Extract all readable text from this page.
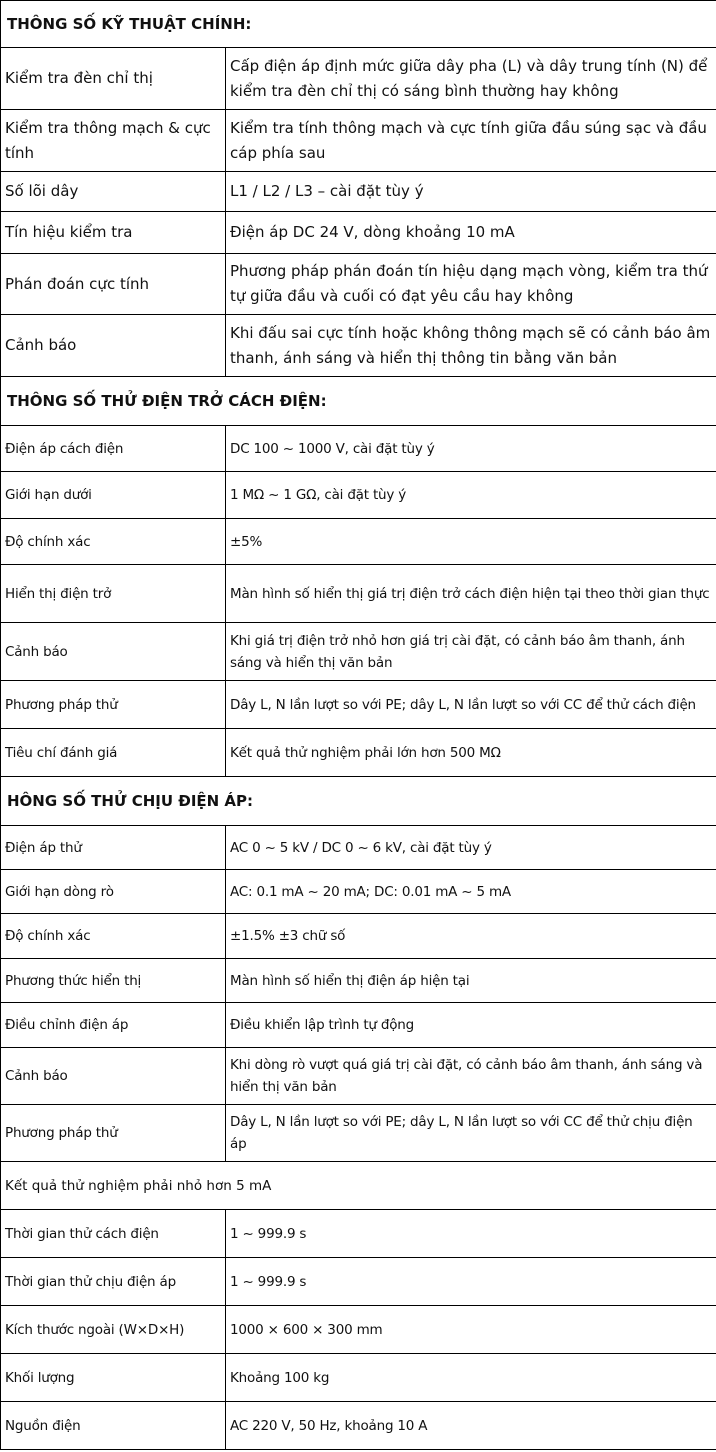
THÔNG SỐ KỸ THUẬT CHÍNH:	
Kiểm tra đèn chỉ thị	Cấp điện áp định mức giữa dây pha (L) và dây trung tính (N) để kiểm tra đèn chỉ thị có sáng bình thường hay không
Kiểm tra thông mạch & cực tính	Kiểm tra tính thông mạch và cực tính giữa đầu súng sạc và đầu cáp phía sau
Số lõi dây	L1 / L2 / L3 – cài đặt tùy ý
Tín hiệu kiểm tra	Điện áp DC 24 V, dòng khoảng 10 mA
Phán đoán cực tính	Phương pháp phán đoán tín hiệu dạng mạch vòng, kiểm tra thứ tự giữa đầu và cuối có đạt yêu cầu hay không
Cảnh báo	Khi đấu sai cực tính hoặc không thông mạch sẽ có cảnh báo âm thanh, ánh sáng và hiển thị thông tin bằng văn bản
THÔNG SỐ THỬ ĐIỆN TRỞ CÁCH ĐIỆN:	
Điện áp cách điện	DC 100 ~ 1000 V, cài đặt tùy ý
Giới hạn dưới	1 MΩ ~ 1 GΩ, cài đặt tùy ý
Độ chính xác	±5%
Hiển thị điện trở	Màn hình số hiển thị giá trị điện trở cách điện hiện tại theo thời gian thực
Cảnh báo	Khi giá trị điện trở nhỏ hơn giá trị cài đặt, có cảnh báo âm thanh, ánh sáng và hiển thị văn bản
Phương pháp thử	Dây L, N lần lượt so với PE; dây L, N lần lượt so với CC để thử cách điện
Tiêu chí đánh giá	Kết quả thử nghiệm phải lớn hơn 500 MΩ
HÔNG SỐ THỬ CHỊU ĐIỆN ÁP:	
Điện áp thử	AC 0 ~ 5 kV / DC 0 ~ 6 kV, cài đặt tùy ý
Giới hạn dòng rò	AC: 0.1 mA ~ 20 mA; DC: 0.01 mA ~ 5 mA
Độ chính xác	±1.5% ±3 chữ số
Phương thức hiển thị	Màn hình số hiển thị điện áp hiện tại
Điều chỉnh điện áp	Điều khiển lập trình tự động
Cảnh báo	Khi dòng rò vượt quá giá trị cài đặt, có cảnh báo âm thanh, ánh sáng và hiển thị văn bản
Phương pháp thử	Dây L, N lần lượt so với PE; dây L, N lần lượt so với CC để thử chịu điện áp
Kết quả thử nghiệm phải nhỏ hơn 5 mA	
Thời gian thử cách điện	1 ~ 999.9 s
Thời gian thử chịu điện áp	1 ~ 999.9 s
Kích thước ngoài (W×D×H)	1000 × 600 × 300 mm
Khối lượng	Khoảng 100 kg
Nguồn điện	AC 220 V, 50 Hz, khoảng 10 A
